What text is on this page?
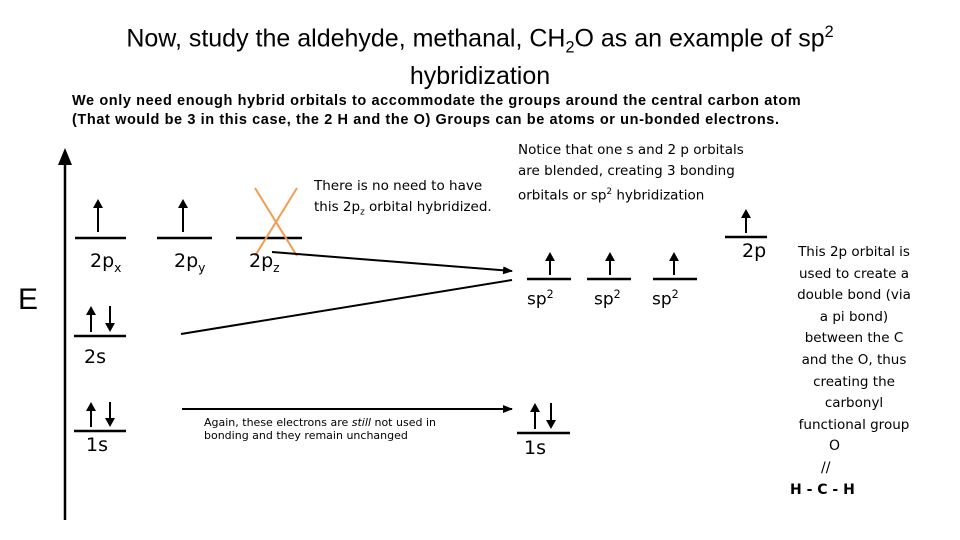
Now, study the aldehyde, methanal, $CH_2O$ as an example of $sp^2$
hybridization
We only need enough hybrid orbitals to accommodate the groups around the central carbon atom
(That would be 3 in this case, the 2 H and the O) Groups can be atoms or un-bonded electrons.
E
$2p_x$	$2p_y$ $2p_z$
2s
1s
There is no need to have
this $2p_z$ orbital hybridized.
Notice that one s and 2 p orbitals
are blended, creating 3 bonding
orbitals or $sp^2$ hybridization
Again, these electrons are still not used in
bonding and they remain unchanged
$sp^2$ $sp^2$ $sp^2$
2p
1s
This 2p orbital is
used to create a
double bond (via
a pi bond)
between the C
and the O, thus
creating the
carbonyl
functional group
O
//
H - C - H
